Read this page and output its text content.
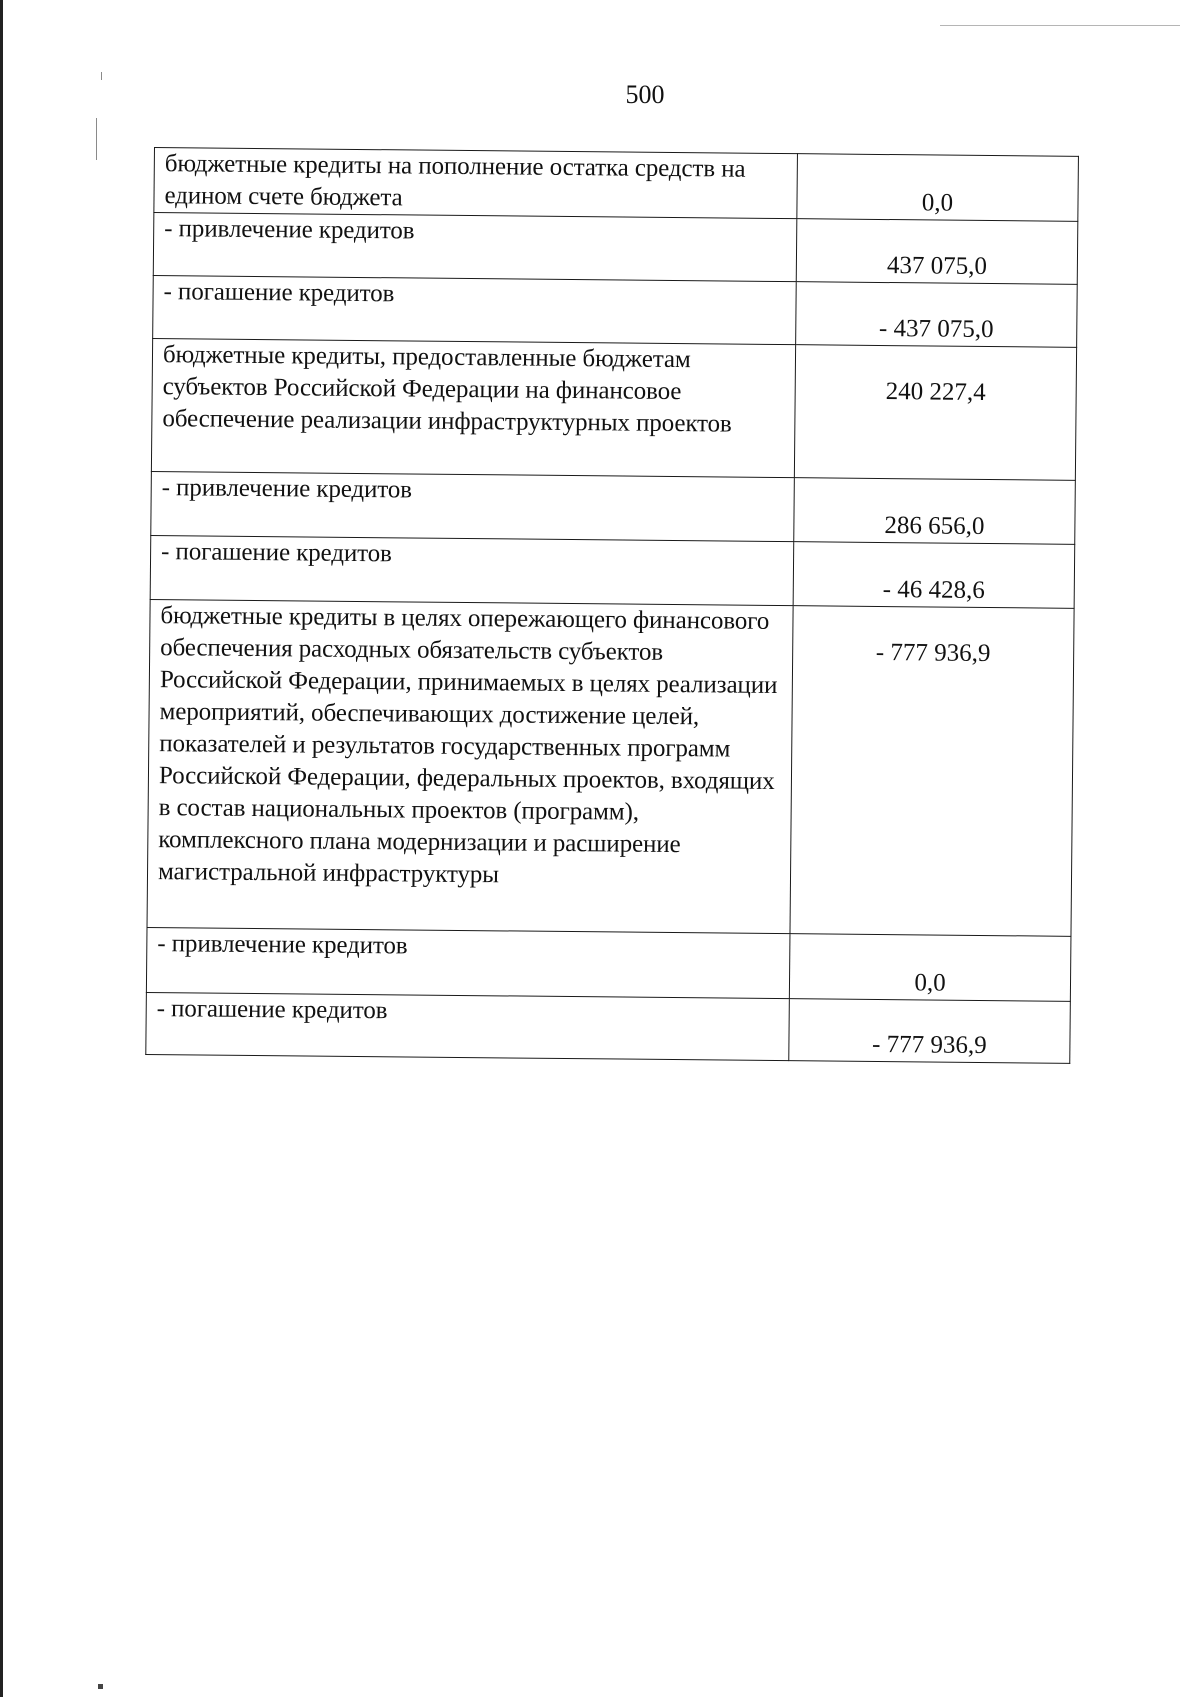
500
бюджетные кредиты на пополнение остатка средств на едином счете бюджета	0,0
- привлечение кредитов	437 075,0
- погашение кредитов	- 437 075,0
бюджетные кредиты, предоставленные бюджетам субъектов Российской Федерации на финансовое обеспечение реализации инфраструктурных проектов	240 227,4
- привлечение кредитов	286 656,0
- погашение кредитов	- 46 428,6
бюджетные кредиты в целях опережающего финансового обеспечения расходных обязательств субъектов Российской Федерации, принимаемых в целях реализации мероприятий, обеспечивающих достижение целей, показателей и результатов государственных программ Российской Федерации, федеральных проектов, входящих в состав национальных проектов (программ), комплексного плана модернизации и расширение магистральной инфраструктуры	- 777 936,9
- привлечение кредитов	0,0
- погашение кредитов	- 777 936,9
